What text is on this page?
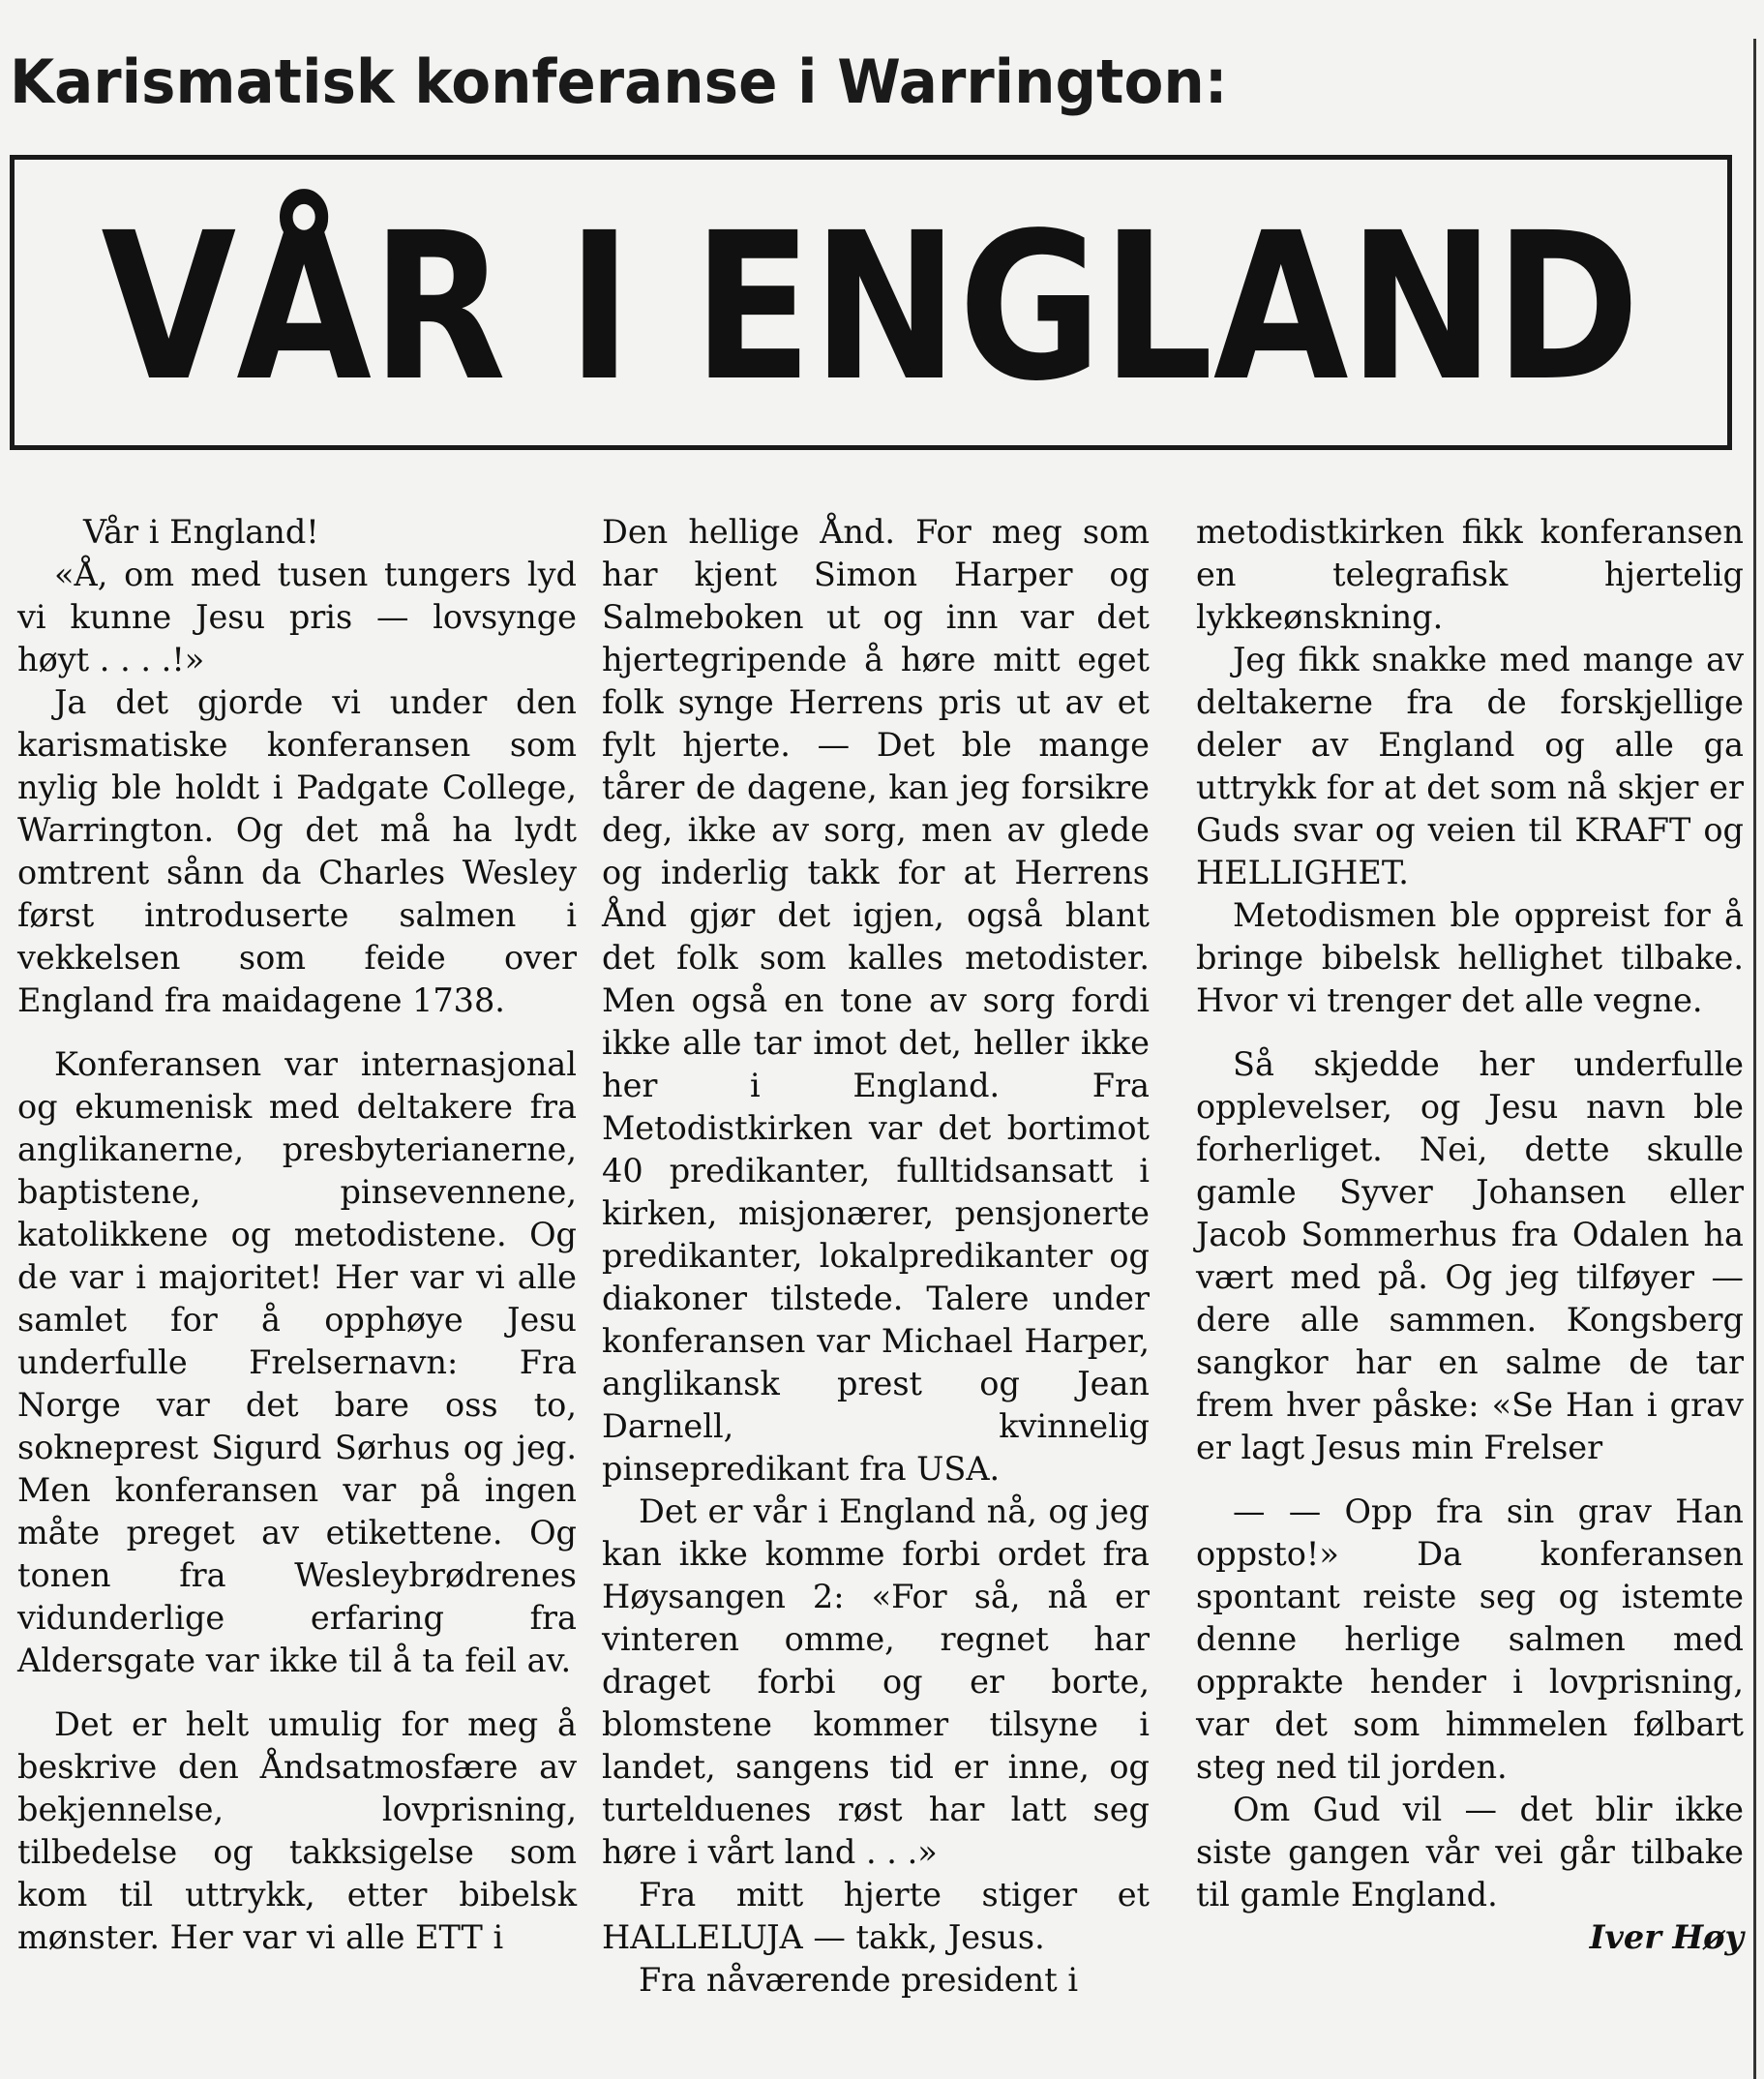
Karismatisk konferanse i Warrington:
VÅR I ENGLAND

Vår i England!

«Å, om med tusen tungers lyd vi kunne Jesu pris — lovsynge høyt . . . .!»

Ja det gjorde vi under den karismatiske konferansen som nylig ble holdt i Padgate College, Warrington. Og det må ha lydt omtrent sånn da Charles Wesley først introduserte salmen i vekkelsen som feide over England fra maidagene 1738.

Konferansen var internasjonal og ekumenisk med deltakere fra anglikanerne, presbyterianerne, baptistene, pinsevennene, katolikkene og metodistene. Og de var i majoritet! Her var vi alle samlet for å opphøye Jesu underfulle Frelsernavn: Fra Norge var det bare oss to, sokneprest Sigurd Sørhus og jeg. Men konferansen var på ingen måte preget av etikettene. Og tonen fra Wesleybrødrenes vidunderlige erfaring fra Aldersgate var ikke til å ta feil av.

Det er helt umulig for meg å beskrive den Åndsatmosfære av bekjennelse, lovprisning, tilbedelse og takksigelse som kom til uttrykk, etter bibelsk mønster. Her var vi alle ETT i

Den hellige Ånd. For meg som har kjent Simon Harper og Salmeboken ut og inn var det hjertegripende å høre mitt eget folk synge Herrens pris ut av et fylt hjerte. — Det ble mange tårer de dagene, kan jeg forsikre deg, ikke av sorg, men av glede og inderlig takk for at Herrens Ånd gjør det igjen, også blant det folk som kalles metodister. Men også en tone av sorg fordi ikke alle tar imot det, heller ikke her i England. Fra Metodistkirken var det bortimot 40 predikanter, fulltidsansatt i kirken, misjonærer, pensjonerte predikanter, lokalpredikanter og diakoner tilstede. Talere under konferansen var Michael Harper, anglikansk prest og Jean Darnell, kvinnelig pinsepredikant fra USA.

Det er vår i England nå, og jeg kan ikke komme forbi ordet fra Høysangen 2: «For så, nå er vinteren omme, regnet har draget forbi og er borte, blomstene kommer tilsyne i landet, sangens tid er inne, og turtelduenes røst har latt seg høre i vårt land . . .»

Fra mitt hjerte stiger et HALLELUJA — takk, Jesus.

Fra nåværende president i

metodistkirken fikk konferansen en telegrafisk hjertelig lykkeønskning.

Jeg fikk snakke med mange av deltakerne fra de forskjellige deler av England og alle ga uttrykk for at det som nå skjer er Guds svar og veien til KRAFT og HELLIGHET.

Metodismen ble oppreist for å bringe bibelsk hellighet tilbake. Hvor vi trenger det alle vegne.

Så skjedde her underfulle opplevelser, og Jesu navn ble forherliget. Nei, dette skulle gamle Syver Johansen eller Jacob Sommerhus fra Odalen ha vært med på. Og jeg tilføyer — dere alle sammen. Kongsberg sangkor har en salme de tar frem hver påske: «Se Han i grav er lagt Jesus min Frelser

— — Opp fra sin grav Han oppsto!» Da konferansen spontant reiste seg og istemte denne herlige salmen med opprakte hender i lovprisning, var det som himmelen følbart steg ned til jorden.

Om Gud vil — det blir ikke siste gangen vår vei går tilbake til gamle England.

Iver Høy
